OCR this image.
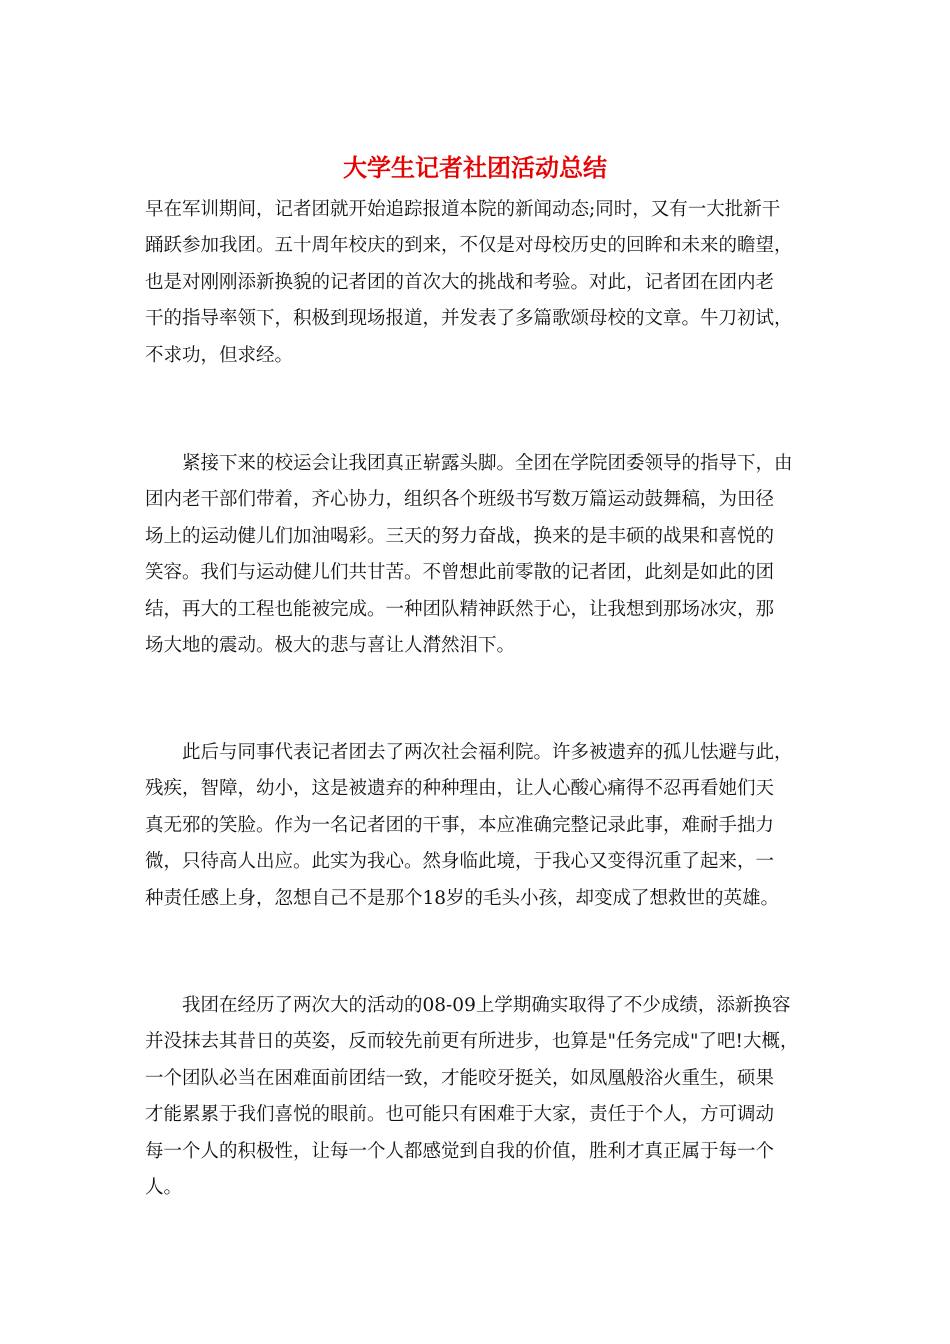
大学生记者社团活动总结

早在军训期间，记者团就开始追踪报道本院的新闻动态;同时，又有一大批新干
踊跃参加我团。五十周年校庆的到来，不仅是对母校历史的回眸和未来的瞻望，
也是对刚刚添新换貌的记者团的首次大的挑战和考验。对此，记者团在团内老
干的指导率领下，积极到现场报道，并发表了多篇歌颂母校的文章。牛刀初试，
不求功，但求经。

　　紧接下来的校运会让我团真正崭露头脚。全团在学院团委领导的指导下，由
团内老干部们带着，齐心协力，组织各个班级书写数万篇运动鼓舞稿，为田径
场上的运动健儿们加油喝彩。三天的努力奋战，换来的是丰硕的战果和喜悦的
笑容。我们与运动健儿们共甘苦。不曾想此前零散的记者团，此刻是如此的团
结，再大的工程也能被完成。一种团队精神跃然于心，让我想到那场冰灾，那
场大地的震动。极大的悲与喜让人潸然泪下。

　　此后与同事代表记者团去了两次社会福利院。许多被遗弃的孤儿怯避与此，
残疾，智障，幼小，这是被遗弃的种种理由，让人心酸心痛得不忍再看她们天
真无邪的笑脸。作为一名记者团的干事，本应准确完整记录此事，难耐手拙力
微，只待高人出应。此实为我心。然身临此境，于我心又变得沉重了起来，一
种责任感上身，忽想自己不是那个18岁的毛头小孩，却变成了想救世的英雄。

　　我团在经历了两次大的活动的08-09上学期确实取得了不少成绩，添新换容
并没抹去其昔日的英姿，反而较先前更有所进步，也算是"任务完成"了吧!大概，
一个团队必当在困难面前团结一致，才能咬牙挺关，如凤凰般浴火重生，硕果
才能累累于我们喜悦的眼前。也可能只有困难于大家，责任于个人，方可调动
每一个人的积极性，让每一个人都感觉到自我的价值，胜利才真正属于每一个
人。
